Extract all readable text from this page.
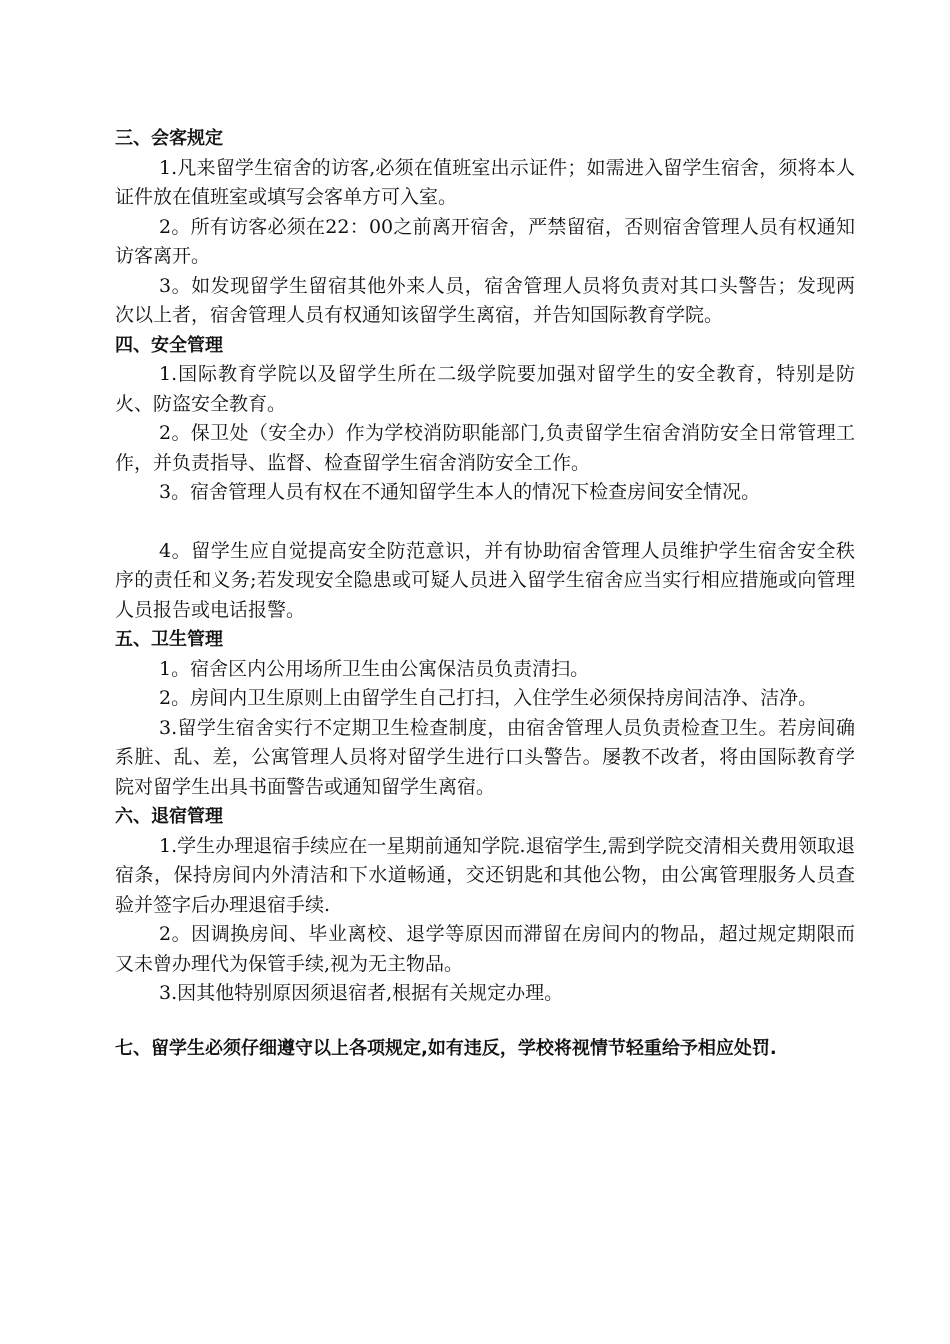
三、会客规定

1.凡来留学生宿舍的访客,必须在值班室出示证件；如需进入留学生宿舍，须将本人证件放在值班室或填写会客单方可入室。

2。所有访客必须在22：00之前离开宿舍，严禁留宿，否则宿舍管理人员有权通知访客离开。

3。如发现留学生留宿其他外来人员，宿舍管理人员将负责对其口头警告；发现两次以上者，宿舍管理人员有权通知该留学生离宿，并告知国际教育学院。

四、安全管理

1.国际教育学院以及留学生所在二级学院要加强对留学生的安全教育，特别是防火、防盗安全教育。

2。保卫处（安全办）作为学校消防职能部门,负责留学生宿舍消防安全日常管理工作，并负责指导、监督、检查留学生宿舍消防安全工作。

3。宿舍管理人员有权在不通知留学生本人的情况下检查房间安全情况。

4。留学生应自觉提高安全防范意识，并有协助宿舍管理人员维护学生宿舍安全秩序的责任和义务;若发现安全隐患或可疑人员进入留学生宿舍应当实行相应措施或向管理人员报告或电话报警。

五、卫生管理

1。宿舍区内公用场所卫生由公寓保洁员负责清扫。

2。房间内卫生原则上由留学生自己打扫，入住学生必须保持房间洁净、洁净。

3.留学生宿舍实行不定期卫生检查制度，由宿舍管理人员负责检查卫生。若房间确系脏、乱、差，公寓管理人员将对留学生进行口头警告。屡教不改者，将由国际教育学院对留学生出具书面警告或通知留学生离宿。

六、退宿管理

1.学生办理退宿手续应在一星期前通知学院.退宿学生,需到学院交清相关费用领取退宿条，保持房间内外清洁和下水道畅通，交还钥匙和其他公物，由公寓管理服务人员查验并签字后办理退宿手续.

2。因调换房间、毕业离校、退学等原因而滞留在房间内的物品，超过规定期限而又未曾办理代为保管手续,视为无主物品。

3.因其他特别原因须退宿者,根据有关规定办理。

七、留学生必须仔细遵守以上各项规定,如有违反，学校将视情节轻重给予相应处罚.
